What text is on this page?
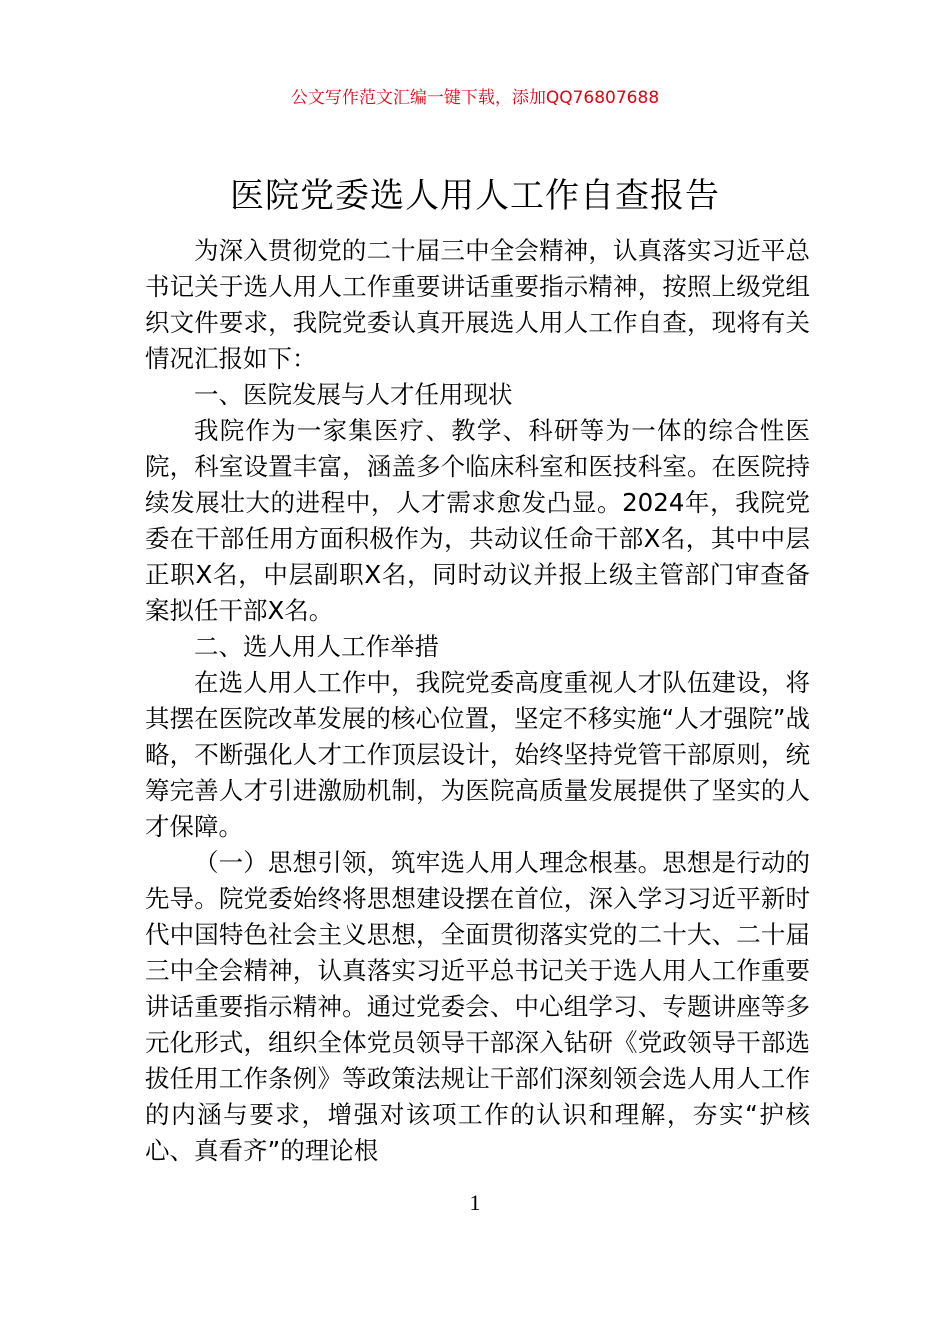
公文写作范文汇编一键下载，添加QQ76807688
医院党委选人用人工作自查报告

为深入贯彻党的二十届三中全会精神，认真落实习近平总书记关于选人用人工作重要讲话重要指示精神，按照上级党组织文件要求，我院党委认真开展选人用人工作自查，现将有关情况汇报如下：

一、医院发展与人才任用现状

我院作为一家集医疗、教学、科研等为一体的综合性医院，科室设置丰富，涵盖多个临床科室和医技科室。在医院持续发展壮大的进程中，人才需求愈发凸显。2024年，我院党委在干部任用方面积极作为，共动议任命干部X名，其中中层正职X名，中层副职X名，同时动议并报上级主管部门审查备案拟任干部X名。

二、选人用人工作举措

在选人用人工作中，我院党委高度重视人才队伍建设，将其摆在医院改革发展的核心位置，坚定不移实施“人才强院”战略，不断强化人才工作顶层设计，始终坚持党管干部原则，统筹完善人才引进激励机制，为医院高质量发展提供了坚实的人才保障。

（一）思想引领，筑牢选人用人理念根基。思想是行动的先导。院党委始终将思想建设摆在首位，深入学习习近平新时代中国特色社会主义思想，全面贯彻落实党的二十大、二十届三中全会精神，认真落实习近平总书记关于选人用人工作重要讲话重要指示精神。通过党委会、中心组学习、专题讲座等多元化形式，组织全体党员领导干部深入钻研《党政领导干部选拔任用工作条例》等政策法规让干部们深刻领会选人用人工作的内涵与要求，增强对该项工作的认识和理解，夯实“护核心、真看齐”的理论根

1
